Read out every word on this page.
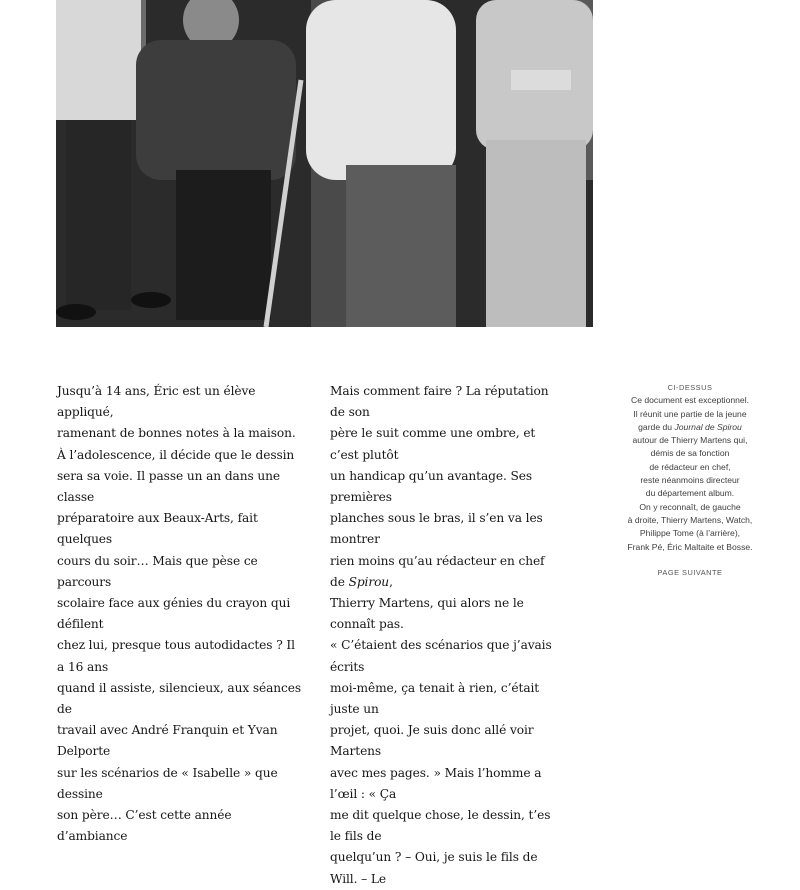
Jusqu’à 14 ans, Éric est un élève appliqué,

ramenant de bonnes notes à la maison.

À l’adolescence, il décide que le dessin

sera sa voie. Il passe un an dans une classe

préparatoire aux Beaux-Arts, fait quelques

cours du soir… Mais que pèse ce parcours

scolaire face aux génies du crayon qui défilent

chez lui, presque tous autodidactes ? Il a 16 ans

quand il assiste, silencieux, aux séances de

travail avec André Franquin et Yvan Delporte

sur les scénarios de « Isabelle » que dessine

son père… C’est cette année d’ambiance

Mais comment faire ? La réputation de son

père le suit comme une ombre, et c’est plutôt

un handicap qu’un avantage. Ses premières

planches sous le bras, il s’en va les montrer

rien moins qu’au rédacteur en chef de Spirou,

Thierry Martens, qui alors ne le connaît pas.

« C’étaient des scénarios que j’avais écrits

moi-même, ça tenait à rien, c’était juste un

projet, quoi. Je suis donc allé voir Martens

avec mes pages. » Mais l’homme a l’œil : « Ça

me dit quelque chose, le dessin, t’es le fils de

quelqu’un ? – Oui, je suis le fils de Will. – Le

CI-DESSUS

Ce document est exceptionnel.

Il réunit une partie de la jeune

garde du Journal de Spirou

autour de Thierry Martens qui,

démis de sa fonction

de rédacteur en chef,

reste néanmoins directeur

du département album.

On y reconnaît, de gauche

à droite, Thierry Martens, Watch,

Philippe Tome (à l’arrière),

Frank Pé, Éric Maltaite et Bosse.

PAGE SUIVANTE
